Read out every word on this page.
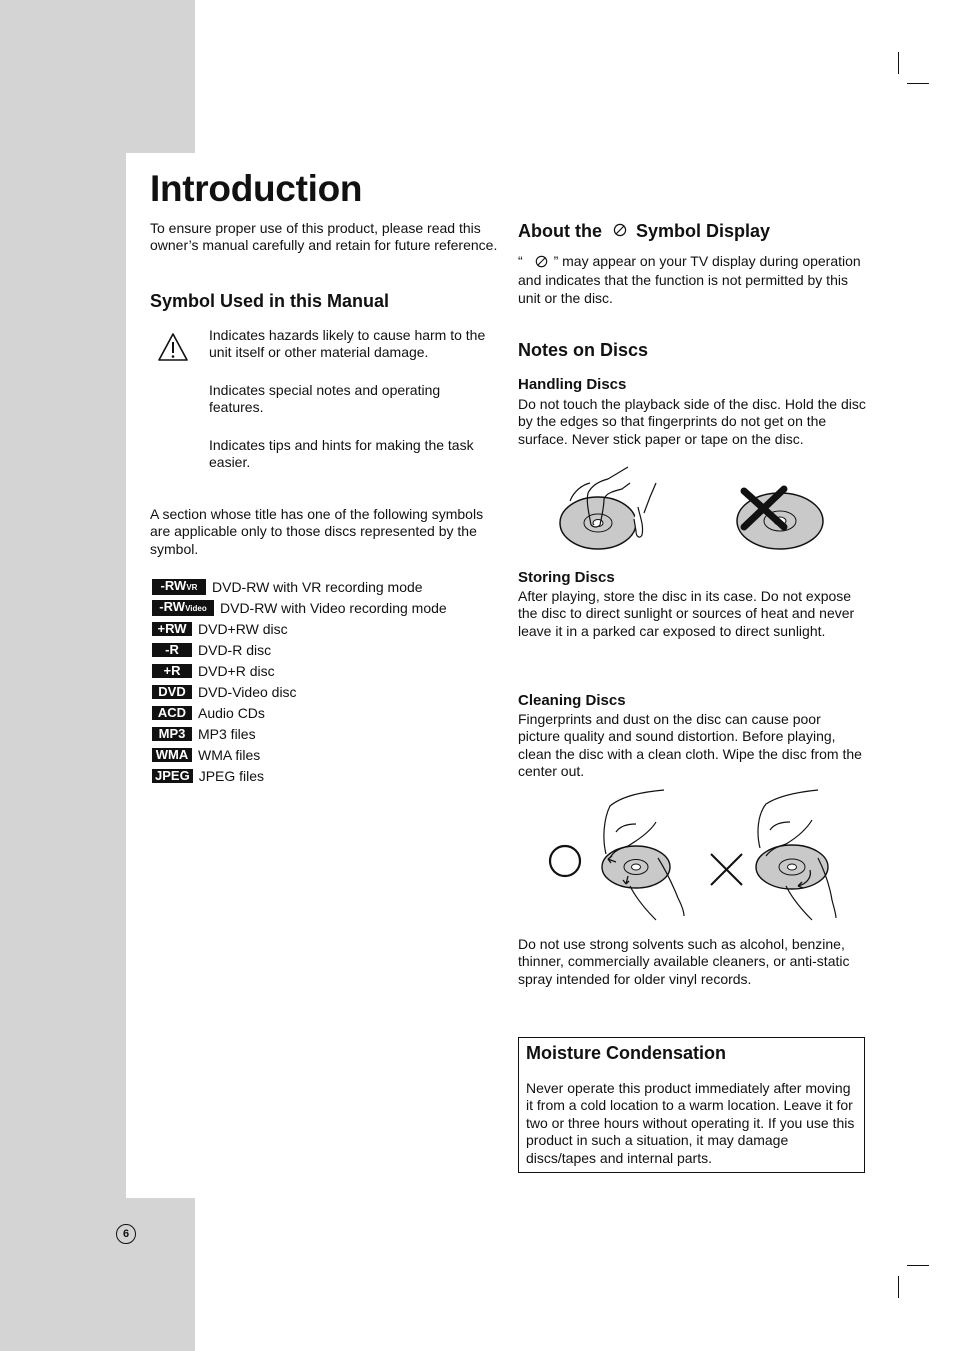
Introduction

To ensure proper use of this product, please read this owner’s manual carefully and retain for future reference.

Symbol Used in this Manual

Indicates hazards likely to cause harm to the unit itself or other material damage.

Indicates special notes and operating features.

Indicates tips and hints for making the task easier.

A section whose title has one of the following symbols are applicable only to those discs represented by the symbol.

-RWVR	DVD-RW with VR recording mode
-RWVideo DVD-RW with Video recording mode
+RW DVD+RW disc
-R	DVD-R disc
+R	DVD+R disc
DVD DVD-Video disc
ACD Audio CDs
MP3 MP3 files
WMA WMA files
JPEG JPEG files
About the Symbol Display
“ ” may appear on your TV display during operation and indicates that the function is not permitted by this unit or the disc.
Notes on Discs
Handling Discs

Do not touch the playback side of the disc. Hold the disc by the edges so that fingerprints do not get on the surface. Never stick paper or tape on the disc.

Storing Discs

After playing, store the disc in its case. Do not expose the disc to direct sunlight or sources of heat and never leave it in a parked car exposed to direct sunlight.

Cleaning Discs

Fingerprints and dust on the disc can cause poor picture quality and sound distortion. Before playing, clean the disc with a clean cloth. Wipe the disc from the center out.

Do not use strong solvents such as alcohol, benzine, thinner, commercially available cleaners, or anti-static spray intended for older vinyl records.

Moisture Condensation

Never operate this product immediately after moving it from a cold location to a warm location. Leave it for two or three hours without operating it. If you use this product in such a situation, it may damage discs/tapes and internal parts.

6
